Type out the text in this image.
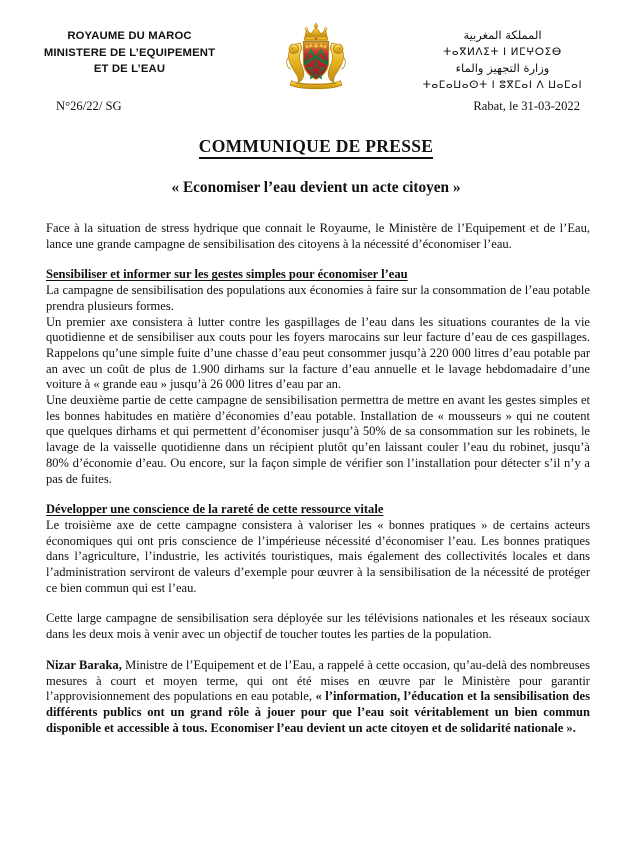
ROYAUME DU MAROC
MINISTERE DE L’EQUIPEMENT
ET DE L’EAU
المملكة المغربية
ⵜⴰⴳⵍⴷⵉⵜ ⵏ ⵍⵎⵖⵔⵉⴱ
وزارة التجهيز والماء
ⵜⴰⵎⴰⵡⴰⵙⵜ ⵏ ⵓⴳⵎⴰⵏ ⴷ ⵡⴰⵎⴰⵏ
N°26/22/ SG	Rabat, le 31-03-2022
COMMUNIQUE DE PRESSE
« Economiser l’eau devient un acte citoyen »

Face à la situation de stress hydrique que connait le Royaume, le Ministère de l’Equipement et de l’Eau, lance une grande campagne de sensibilisation des citoyens à la nécessité d’économiser l’eau.

Sensibiliser et informer sur les gestes simples pour économiser l’eau

La campagne de sensibilisation des populations aux économies à faire sur la consommation de l’eau potable prendra plusieurs formes.

Un premier axe consistera à lutter contre les gaspillages de l’eau dans les situations courantes de la vie quotidienne et de sensibiliser aux couts pour les foyers marocains sur leur facture d’eau de ces gaspillages. Rappelons qu’une simple fuite d’une chasse d’eau peut consommer jusqu’à 220 000 litres d’eau potable par an avec un coût de plus de 1.900 dirhams sur la facture d’eau annuelle et le lavage hebdomadaire d’une voiture à « grande eau » jusqu’à 26 000 litres d’eau par an.

Une deuxième partie de cette campagne de sensibilisation permettra de mettre en avant les gestes simples et les bonnes habitudes en matière d’économies d’eau potable. Installation de « mousseurs » qui ne coutent que quelques dirhams et qui permettent d’économiser jusqu’à 50% de sa consommation sur les robinets, le lavage de la vaisselle quotidienne dans un récipient plutôt qu’en laissant couler l’eau du robinet, jusqu’à 80% d’économie d’eau. Ou encore, sur la façon simple de vérifier son l’installation pour détecter s’il n’y a pas de fuites.

Développer une conscience de la rareté de cette ressource vitale

Le troisième axe de cette campagne consistera à valoriser les « bonnes pratiques » de certains acteurs économiques qui ont pris conscience de l’impérieuse nécessité d’économiser l’eau. Les bonnes pratiques dans l’agriculture, l’industrie, les activités touristiques, mais également des collectivités locales et dans l’administration serviront de valeurs d’exemple pour œuvrer à la sensibilisation de la nécessité de protéger ce bien commun qui est l’eau.

Cette large campagne de sensibilisation sera déployée sur les télévisions nationales et les réseaux sociaux dans les deux mois à venir avec un objectif de toucher toutes les parties de la population.

Nizar Baraka, Ministre de l’Equipement et de l’Eau, a rappelé à cette occasion, qu’au-delà des nombreuses mesures à court et moyen terme, qui ont été mises en œuvre par le Ministère pour garantir l’approvisionnement des populations en eau potable, « l’information, l’éducation et la sensibilisation des différents publics ont un grand rôle à jouer pour que l’eau soit véritablement un bien commun disponible et accessible à tous. Economiser l’eau devient un acte citoyen et de solidarité nationale ».
